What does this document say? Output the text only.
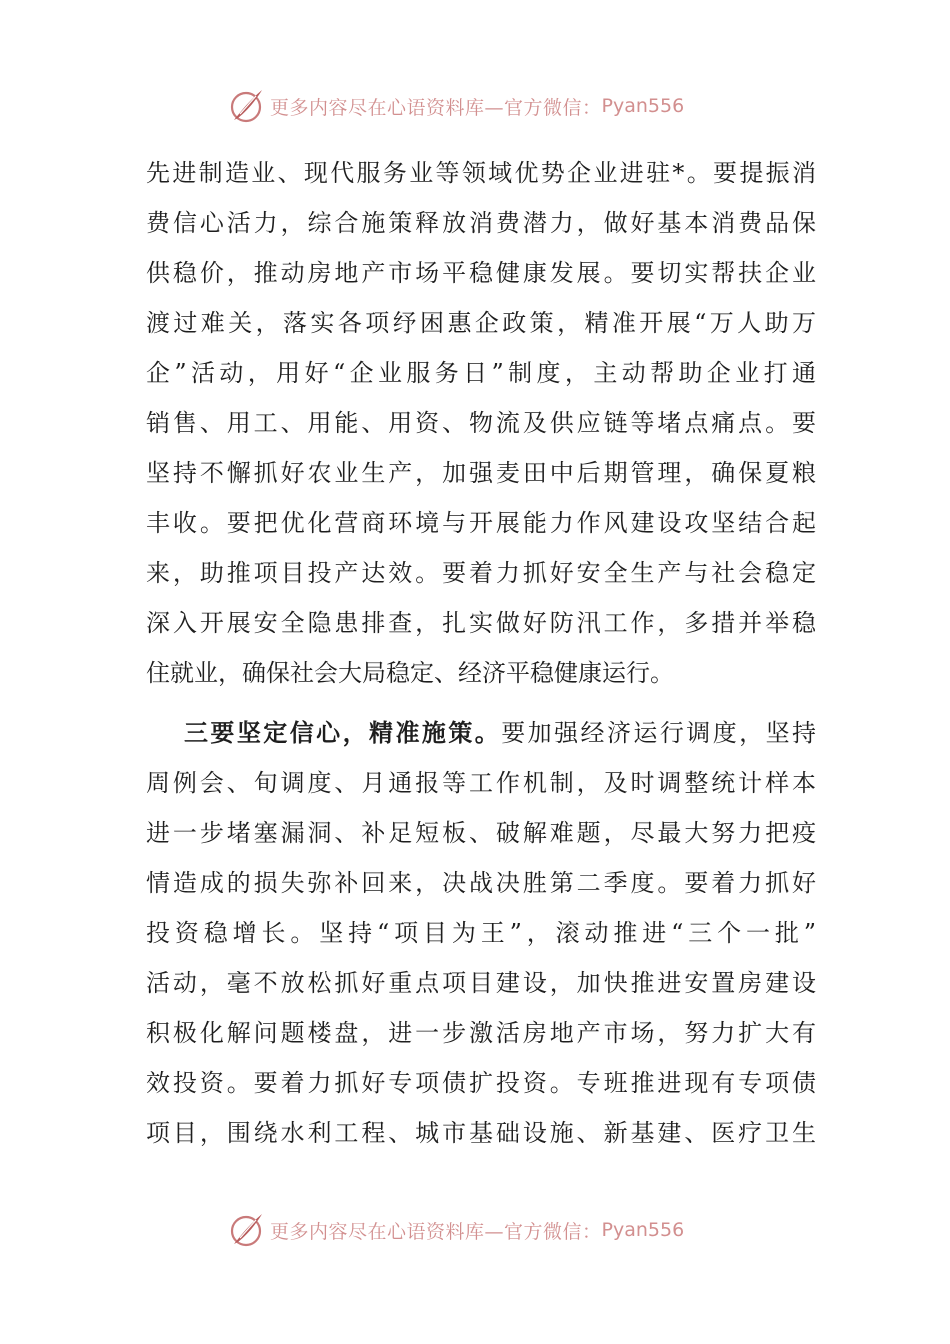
更多内容尽在心语资料库—官方微信： Pyan556
先进制造业、现代服务业等领域优势企业进驻*。要提振消
费信心活力，综合施策释放消费潜力，做好基本消费品保
供稳价，推动房地产市场平稳健康发展。要切实帮扶企业
渡过难关，落实各项纾困惠企政策，精准开展“万人助万
企”活动，用好“企业服务日”制度，主动帮助企业打通
销售、用工、用能、用资、物流及供应链等堵点痛点。要
坚持不懈抓好农业生产，加强麦田中后期管理，确保夏粮
丰收。要把优化营商环境与开展能力作风建设攻坚结合起
来，助推项目投产达效。要着力抓好安全生产与社会稳定
深入开展安全隐患排查，扎实做好防汛工作，多措并举稳
住就业，确保社会大局稳定、经济平稳健康运行。
三要坚定信心，精准施策。要加强经济运行调度，坚持
周例会、旬调度、月通报等工作机制，及时调整统计样本
进一步堵塞漏洞、补足短板、破解难题，尽最大努力把疫
情造成的损失弥补回来，决战决胜第二季度。要着力抓好
投资稳增长。坚持“项目为王”，滚动推进“三个一批”
活动，毫不放松抓好重点项目建设，加快推进安置房建设
积极化解问题楼盘，进一步激活房地产市场，努力扩大有
效投资。要着力抓好专项债扩投资。专班推进现有专项债
项目，围绕水利工程、城市基础设施、新基建、医疗卫生
更多内容尽在心语资料库—官方微信： Pyan556
